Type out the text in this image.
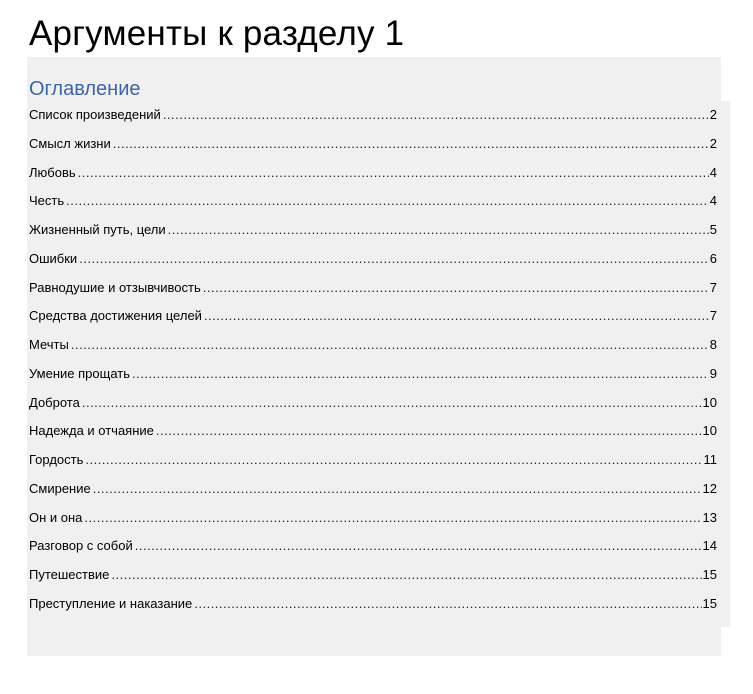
Аргументы к разделу 1
Оглавление
Список произведений .....	2
Смысл жизни .....	2
Любовь .....	4
Честь .....	4
Жизненный путь, цели .....	5
Ошибки .....	6
Равнодушие и отзывчивость .....	7
Средства достижения целей .....	7
Мечты .....	8
Умение прощать .....	9
Доброта .....	10
Надежда и отчаяние .....	10
Гордость .....	11
Смирение .....	12
Он и она .....	13
Разговор с собой .....	14
Путешествие .....	15
Преступление и наказание .....	15
